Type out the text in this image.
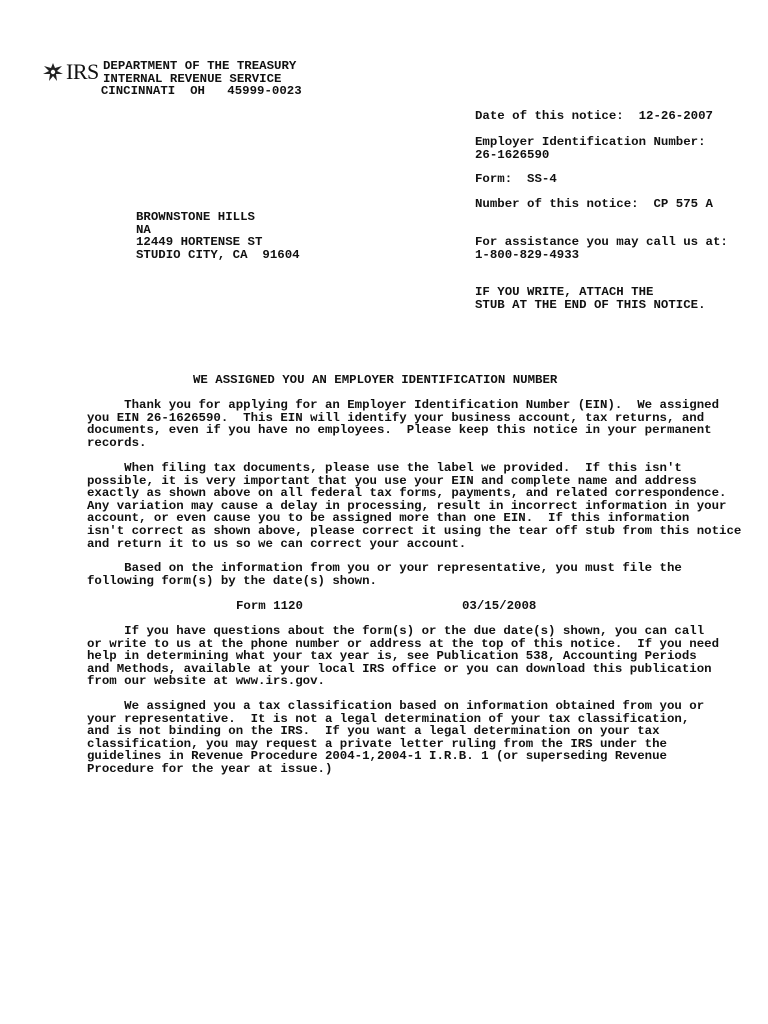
IRS DEPARTMENT OF THE TREASURY
INTERNAL REVENUE SERVICE
CINCINNATI  OH   45999-0023
Date of this notice:  12-26-2007
Employer Identification Number:
26-1626590
Form:  SS-4
Number of this notice:  CP 575 A
For assistance you may call us at:
1-800-829-4933
IF YOU WRITE, ATTACH THE
STUB AT THE END OF THIS NOTICE.
BROWNSTONE HILLS
NA
12449 HORTENSE ST
STUDIO CITY, CA  91604
WE ASSIGNED YOU AN EMPLOYER IDENTIFICATION NUMBER
Thank you for applying for an Employer Identification Number (EIN).  We assigned
you EIN 26-1626590.  This EIN will identify your business account, tax returns, and
documents, even if you have no employees.  Please keep this notice in your permanent
records.
When filing tax documents, please use the label we provided.  If this isn't
possible, it is very important that you use your EIN and complete name and address
exactly as shown above on all federal tax forms, payments, and related correspondence.
Any variation may cause a delay in processing, result in incorrect information in your
account, or even cause you to be assigned more than one EIN.  If this information
isn't correct as shown above, please correct it using the tear off stub from this notice
and return it to us so we can correct your account.
Based on the information from you or your representative, you must file the
following form(s) by the date(s) shown.
Form 1120	03/15/2008
If you have questions about the form(s) or the due date(s) shown, you can call
or write to us at the phone number or address at the top of this notice.  If you need
help in determining what your tax year is, see Publication 538, Accounting Periods
and Methods, available at your local IRS office or you can download this publication
from our website at www.irs.gov.
We assigned you a tax classification based on information obtained from you or
your representative.  It is not a legal determination of your tax classification,
and is not binding on the IRS.  If you want a legal determination on your tax
classification, you may request a private letter ruling from the IRS under the
guidelines in Revenue Procedure 2004-1,2004-1 I.R.B. 1 (or superseding Revenue
Procedure for the year at issue.)
